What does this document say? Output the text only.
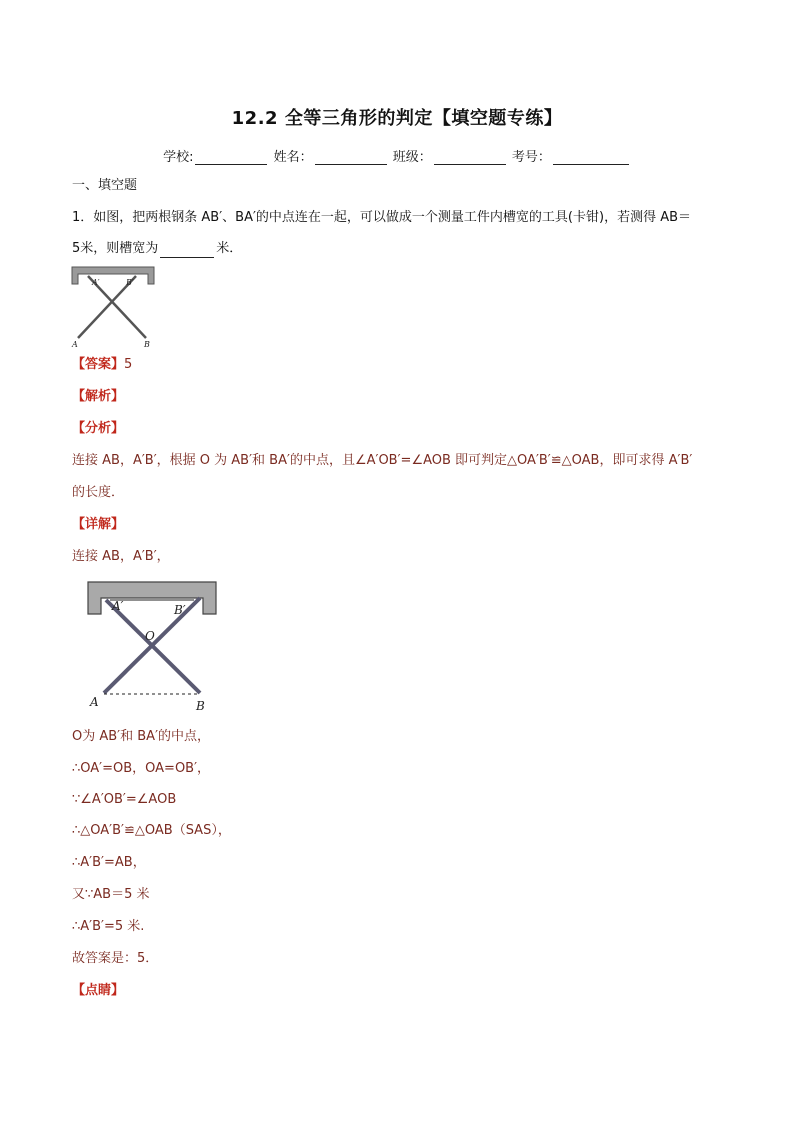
12.2 全等三角形的判定【填空题专练】
学校:	姓名：	班级：	考号：
一、填空题
1．如图，把两根钢条 AB′、BA′的中点连在一起，可以做成一个测量工件内槽宽的工具(卡钳)，若测得 AB＝
5米，则槽宽为	米．
A′	B′
A	B
【答案】5
【解析】
【分析】
连接 AB，A′B′，根据 O 为 AB′和 BA′的中点，且∠A′OB′=∠AOB 即可判定△OA′B′≌△OAB，即可求得 A′B′
的长度．
【详解】
连接 AB，A′B′，
A′	B′
O
A	B
O为 AB′和 BA′的中点，
∴OA′=OB，OA=OB′，
∵∠A′OB′=∠AOB
∴△OA′B′≌△OAB（SAS），
∴A′B′=AB，
又∵AB＝5 米
∴A′B′=5 米.
故答案是：5．
【点睛】
